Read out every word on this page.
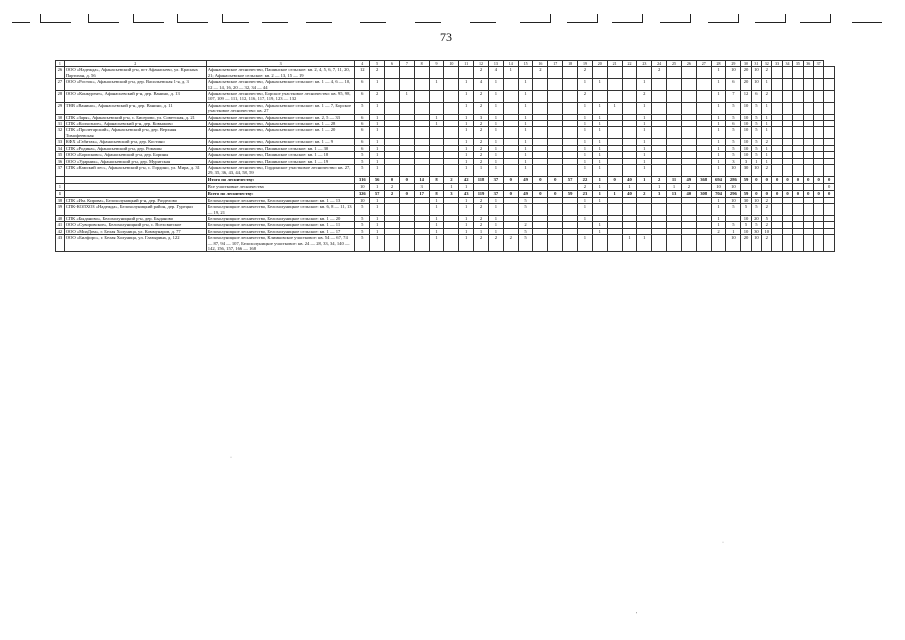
73
1	2	3	4	5	6	7	8	9	10	11	12	13	14	15	16	17	18	19	20	21	22	23	24	25	26	27	28	29	30	31	32	33	34	35	36	37	
26	ООО «Надежда», Афанасьевский р-н, пгт Афанасьево, ул. Красных Партизан, д. 56	Афанасьевское лесничество, Пашинское сельское: кв. 2, 4, 5, 6, 7, 11, 20, 21; Афанасьевское сельское: кв. 2 — 13, 15 — 19	12	2							2	4	1		2			2					2				1	10	20	10	2						
27	ООО «Росток», Афанасьевский р-н, дер. Васильевская 1-я, д. 3	Афанасьевское лесничество, Афанасьевское сельское: кв. 1 — 4, 6 — 10, 12 — 14, 16, 20 — 32, 34 — 44	6	1				1		1	4	1		1				1	1			1					1	6	20	10	1						
28	ООО «Конкурент», Афанасьевский р-н, дер. Ванино, д. 13	Афанасьевское лесничество, Борское участковое лесничество: кв. 95, 98, 107, 109 — 111, 112, 116, 117, 119, 123 — 132	6	2		1				1	2	1		1				2				2					1	7	12	6	2						
29	ТНВ «Ванино», Афанасьевский р-н, дер. Ванино, д. 11	Афанасьевское лесничество, Афанасьевское сельское: кв. 1 — 7, Борское участковое лесничество: кв. 27	5	1						1	2	1		1				1	1	1		1					1	5	10	5	1						
30	СПК «Заря», Афанасьевский р-н, с. Бисерово, ул. Советская, д. 21	Афанасьевское лесничество, Афанасьевское сельское: кв. 2, 5 — 33	6	1				1		1	3	1		1				1	1			1					1	5	10	5	1						
31	СПК «Колхозное», Афанасьевский р-н, дер. Ковыжово	Афанасьевское лесничество, Афанасьевское сельское: кв. 1 — 28	6	1				1		1	2	1		1				1	1			1					1	6	10	5	1						
32	СПК «Пролетарский», Афанасьевский р-н, дер. Верхняя Тимофеевская	Афанасьевское лесничество, Афанасьевское сельское: кв. 1 — 20	6	1						1	2	1		1				1	1			1					1	5	10	5	1						
33	КФХ «Габитак», Афанасьевский р-н, дер. Костино	Афанасьевское лесничество, Афанасьевское сельское: кв. 1 — 9	6	1						1	2	1		1				1	1			1					1	5	10	5	2						
34	СПК «Родина», Афанасьевский р-н, дер. Ромашн	Афанасьевское лесничество, Пашинское сельское: кв. 1 — 30	6	1						1	2	1		1				1	1			1					1	5	10	5	1						
35	ООО «Борисково», Афанасьевский р-н, дер. Борины	Афанасьевское лесничество, Пашинское сельское: кв. 1 — 18	5	1						1	2	1		1				1	1			1					1	5	10	5	1						
36	ООО «Ударник», Афанасьевский р-н, дер. Мурятская	Афанасьевское лесничество, Пашинское сельское: кв. 1 — 19	5	1						1	2	1		1				1	1			1					1	3	3	1	1						
37	СПК «Камский лес», Афанасьевский р-н, с. Гордино, ул. Мира, д. 31	Афанасьевское лесничество, Гординское участковое лесничество: кв. 27, 29, 35, 36, 43, 44, 58, 59	5	1						1	1	1		1				1	1			1					1	10	30	10	2						
		Итого по лесничеству:	316	56	0	0	14	8	2	42	118	37	0	49	0	0	57	22	1	0	40	1	2	11	49	368	694	286	59	0	0	0	0	0	0	0	0
1		Все участковые лесничества	10	1	2		3		1	1								2	1		1		1	1	2		10	10									0
1		Всего по лесничеству:	326	57	2	0	17	8	3	43	119	37	0	49	0	0	59	23	1	1	40	2	3	13	40	308	704	296	59	0	0	0	0	0	0	0	0
38	СПК «Им. Кирова», Белохолуницкий р-н, дер. Разделово	Белохолуницкое лесничество, Белохолуницкое сельское: кв. 1 — 13	10	1				1		1	2	1		5				1	1								1	10	30	10	2						
39	СПК-КОЛХОЗ «Надежда», Белохолуницкий район, дер. Гурецки	Белохолуницкое лесничество, Белохолуницкое сельское: кв. 6, 8 — 11, 13 — 19, 21	5	1				1		1	2	1		5				1									1	5	5	5	2						
40	СПК «Быданово», Белохолуницкий р-н, дер. Быданово	Белохолуницкое лесничество, Белохолуницкое сельское: кв. 1 — 20	5	1				1		1	2	1						1									1		10	20	5						
41	ООО «Суворовское», Белохолуницкий р-н, с. Всехсвятское	Белохолуницкое лесничество, Белохолуницкое сельское: кв. 1 — 11	5	1				1		1	2	1		2					1								1	5	5	5	2						
42	ООО «МиаДом», г. Белая Холуница, ул. Коммунаров, д. 77	Белохолуницкое лесничество, Белохолуницкое сельское: кв. 1 — 17	5	1				1		1	1	1		5					1								2	1	10	30	10						
43	ООО «Билфорс», г. Белая Холуница, ул. Глазырина, д. 122	Белохолуницкое лесничество, Климковское участковое: кв. 54 — 67, 74 — 87, 94 — 107, Белохолуницкое участковое: кв. 24 — 28, 33, 34, 140 — 142, 156, 157, 166 — 168	5	1				1		1	2	2	2	5				1			1	1						10	20	10	2						
·
'
·
